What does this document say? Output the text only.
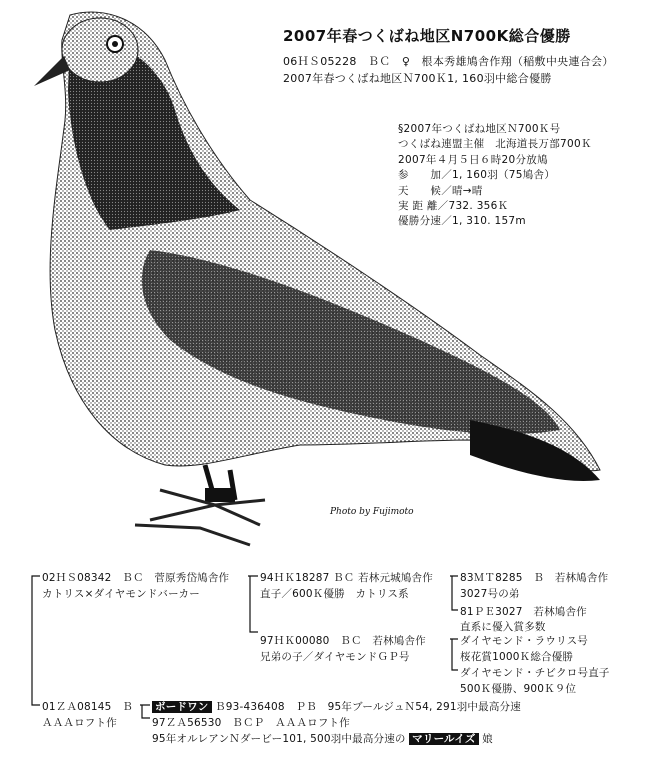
2007年春つくばね地区N700K総合優勝
06ＨＳ05228　ＢＣ　♀　根本秀雄鳩舎作翔（稲敷中央連合会）
2007年春つくばね地区Ｎ700Ｋ1, 160羽中総合優勝
§2007年つくばね地区Ｎ700Ｋ号
つくばね連盟主催　北海道長万部700Ｋ
2007年４月５日６時20分放鳩
参　　加／1, 160羽（75鳩舎）
天　　候／晴→晴
実 距 離／732. 356Ｋ
優勝分速／1, 310. 157m
Photo by Fujimoto
02ＨＳ08342　ＢＣ　菅原秀岱鳩舎作
カトリス×ダイヤモンドバーカー
94ＨＫ18287 ＢＣ 若林元城鳩舎作
直子／600Ｋ優勝　カトリス系
83ＭＴ8285　Ｂ　若林鳩舎作
3027号の弟
81ＰＥ3027　若林鳩舎作
直系に優入賞多数
97ＨＫ00080　ＢＣ　若林鳩舎作
兄弟の子／ダイヤモンドＧＰ号
ダイヤモンド・ラウリス号
桜花賞1000Ｋ総合優勝
ダイヤモンド・チビクロ号直子
500Ｋ優勝、900Ｋ９位
01ＺＡ08145　Ｂ
ＡＡＡロフト作
ボードワン Ｂ93-436408　ＰＢ　95年ブールジュＮ54, 291羽中最高分速
97ＺＡ56530　ＢＣＰ　ＡＡＡロフト作
95年オルレアンＮダービー101, 500羽中最高分速の マリールイズ 娘
